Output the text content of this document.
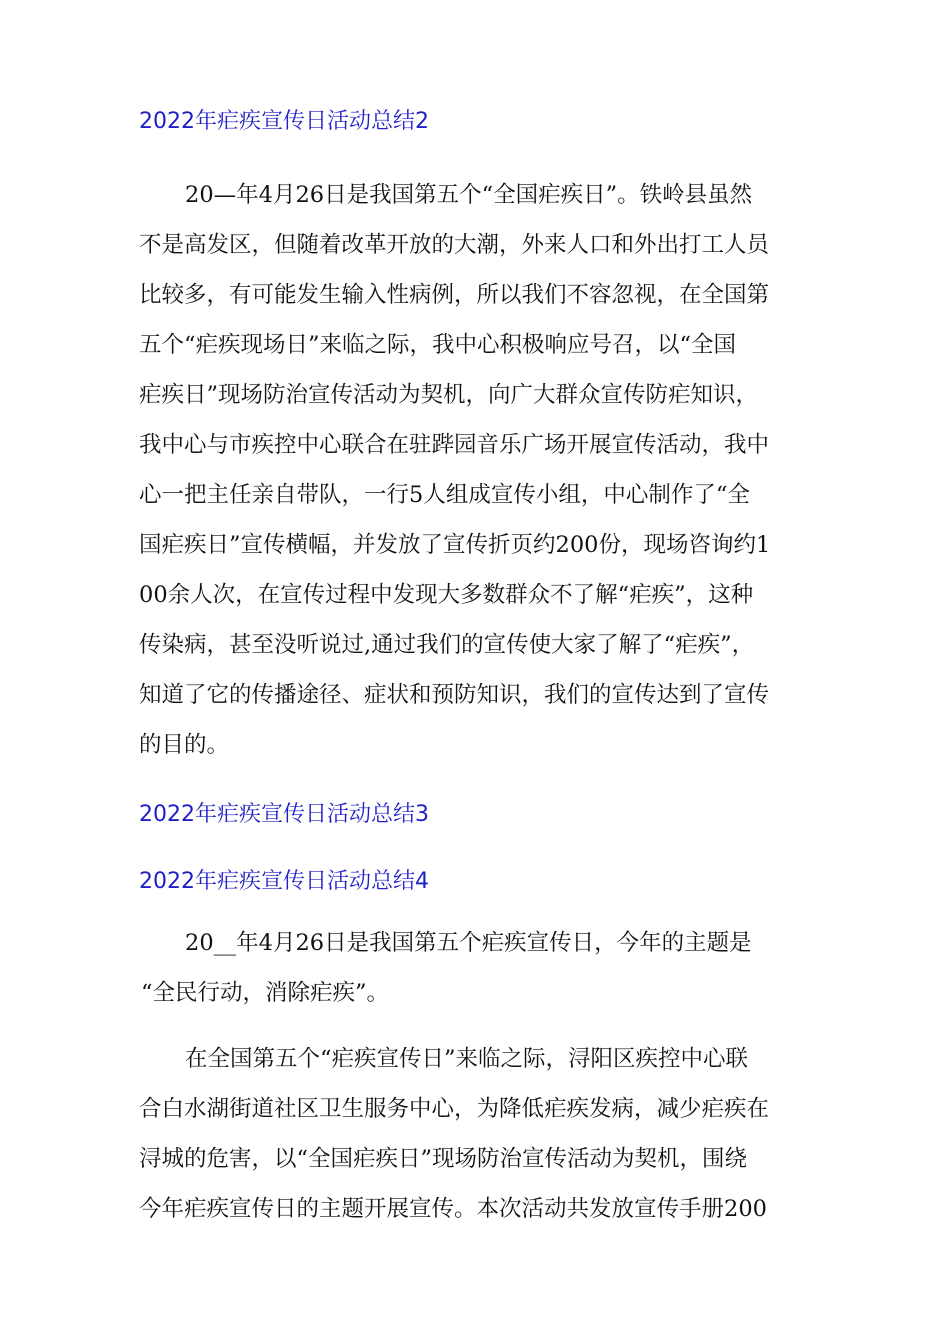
2022年疟疾宣传日活动总结2
20—年4月26日是我国第五个“全国疟疾日”。铁岭县虽然
不是高发区，但随着改革开放的大潮，外来人口和外出打工人员
比较多，有可能发生输入性病例，所以我们不容忽视，在全国第
五个“疟疾现场日”来临之际，我中心积极响应号召，以“全国
疟疾日”现场防治宣传活动为契机，向广大群众宣传防疟知识，
我中心与市疾控中心联合在驻跸园音乐广场开展宣传活动，我中
心一把主任亲自带队，一行5人组成宣传小组，中心制作了“全
国疟疾日”宣传横幅，并发放了宣传折页约200份，现场咨询约1
00余人次，在宣传过程中发现大多数群众不了解“疟疾”，这种
传染病，甚至没听说过,通过我们的宣传使大家了解了“疟疾”，
知道了它的传播途径、症状和预防知识，我们的宣传达到了宣传
的目的。
2022年疟疾宣传日活动总结3
2022年疟疾宣传日活动总结4
20__年4月26日是我国第五个疟疾宣传日，今年的主题是
“全民行动，消除疟疾”。
在全国第五个“疟疾宣传日”来临之际，浔阳区疾控中心联
合白水湖街道社区卫生服务中心，为降低疟疾发病，减少疟疾在
浔城的危害，以“全国疟疾日”现场防治宣传活动为契机，围绕
今年疟疾宣传日的主题开展宣传。本次活动共发放宣传手册200
